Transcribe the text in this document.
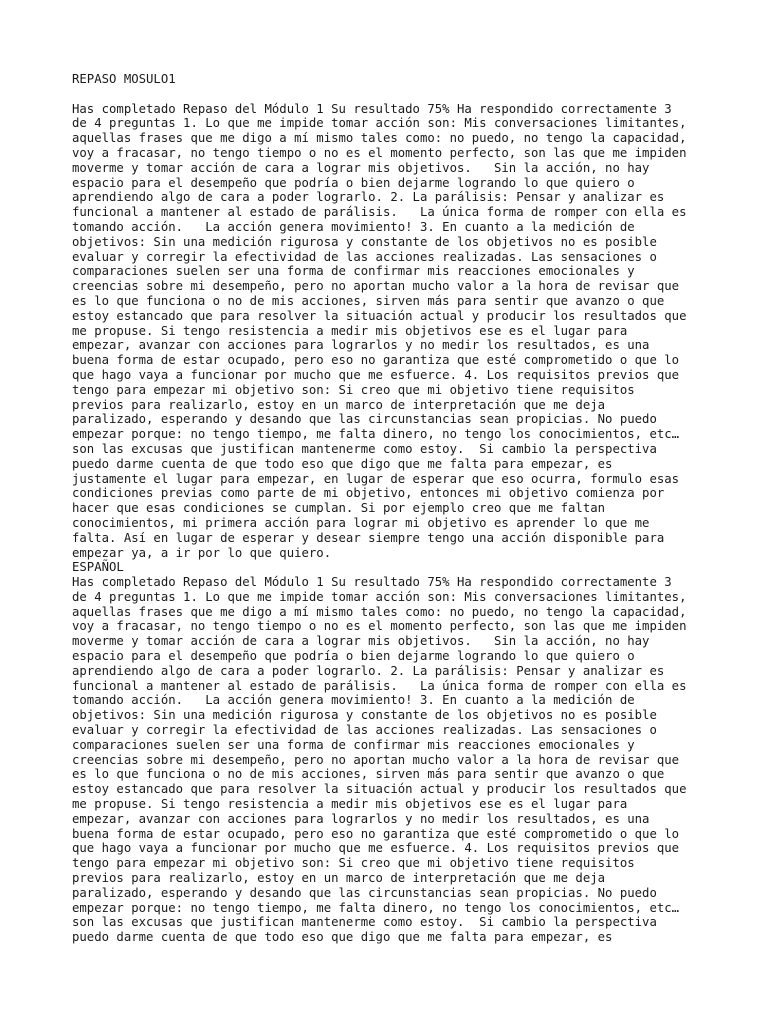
REPASO MOSULO1
Has completado Repaso del Módulo 1 Su resultado 75% Ha respondido correctamente 3
de 4 preguntas 1. Lo que me impide tomar acción son: Mis conversaciones limitantes,
aquellas frases que me digo a mí mismo tales como: no puedo, no tengo la capacidad,
voy a fracasar, no tengo tiempo o no es el momento perfecto, son las que me impiden
moverme y tomar acción de cara a lograr mis objetivos.   Sin la acción, no hay
espacio para el desempeño que podría o bien dejarme logrando lo que quiero o
aprendiendo algo de cara a poder lograrlo. 2. La parálisis: Pensar y analizar es
funcional a mantener al estado de parálisis.   La única forma de romper con ella es
tomando acción.   La acción genera movimiento! 3. En cuanto a la medición de
objetivos: Sin una medición rigurosa y constante de los objetivos no es posible
evaluar y corregir la efectividad de las acciones realizadas. Las sensaciones o
comparaciones suelen ser una forma de confirmar mis reacciones emocionales y
creencias sobre mi desempeño, pero no aportan mucho valor a la hora de revisar que
es lo que funciona o no de mis acciones, sirven más para sentir que avanzo o que
estoy estancado que para resolver la situación actual y producir los resultados que
me propuse. Si tengo resistencia a medir mis objetivos ese es el lugar para
empezar, avanzar con acciones para lograrlos y no medir los resultados, es una
buena forma de estar ocupado, pero eso no garantiza que esté comprometido o que lo
que hago vaya a funcionar por mucho que me esfuerce. 4. Los requisitos previos que
tengo para empezar mi objetivo son: Si creo que mi objetivo tiene requisitos
previos para realizarlo, estoy en un marco de interpretación que me deja
paralizado, esperando y desando que las circunstancias sean propicias. No puedo
empezar porque: no tengo tiempo, me falta dinero, no tengo los conocimientos, etc…
son las excusas que justifican mantenerme como estoy.  Si cambio la perspectiva
puedo darme cuenta de que todo eso que digo que me falta para empezar, es
justamente el lugar para empezar, en lugar de esperar que eso ocurra, formulo esas
condiciones previas como parte de mi objetivo, entonces mi objetivo comienza por
hacer que esas condiciones se cumplan. Si por ejemplo creo que me faltan
conocimientos, mi primera acción para lograr mi objetivo es aprender lo que me
falta. Así en lugar de esperar y desear siempre tengo una acción disponible para
empezar ya, a ir por lo que quiero.
ESPAÑOL
Has completado Repaso del Módulo 1 Su resultado 75% Ha respondido correctamente 3
de 4 preguntas 1. Lo que me impide tomar acción son: Mis conversaciones limitantes,
aquellas frases que me digo a mí mismo tales como: no puedo, no tengo la capacidad,
voy a fracasar, no tengo tiempo o no es el momento perfecto, son las que me impiden
moverme y tomar acción de cara a lograr mis objetivos.   Sin la acción, no hay
espacio para el desempeño que podría o bien dejarme logrando lo que quiero o
aprendiendo algo de cara a poder lograrlo. 2. La parálisis: Pensar y analizar es
funcional a mantener al estado de parálisis.   La única forma de romper con ella es
tomando acción.   La acción genera movimiento! 3. En cuanto a la medición de
objetivos: Sin una medición rigurosa y constante de los objetivos no es posible
evaluar y corregir la efectividad de las acciones realizadas. Las sensaciones o
comparaciones suelen ser una forma de confirmar mis reacciones emocionales y
creencias sobre mi desempeño, pero no aportan mucho valor a la hora de revisar que
es lo que funciona o no de mis acciones, sirven más para sentir que avanzo o que
estoy estancado que para resolver la situación actual y producir los resultados que
me propuse. Si tengo resistencia a medir mis objetivos ese es el lugar para
empezar, avanzar con acciones para lograrlos y no medir los resultados, es una
buena forma de estar ocupado, pero eso no garantiza que esté comprometido o que lo
que hago vaya a funcionar por mucho que me esfuerce. 4. Los requisitos previos que
tengo para empezar mi objetivo son: Si creo que mi objetivo tiene requisitos
previos para realizarlo, estoy en un marco de interpretación que me deja
paralizado, esperando y desando que las circunstancias sean propicias. No puedo
empezar porque: no tengo tiempo, me falta dinero, no tengo los conocimientos, etc…
son las excusas que justifican mantenerme como estoy.  Si cambio la perspectiva
puedo darme cuenta de que todo eso que digo que me falta para empezar, es
